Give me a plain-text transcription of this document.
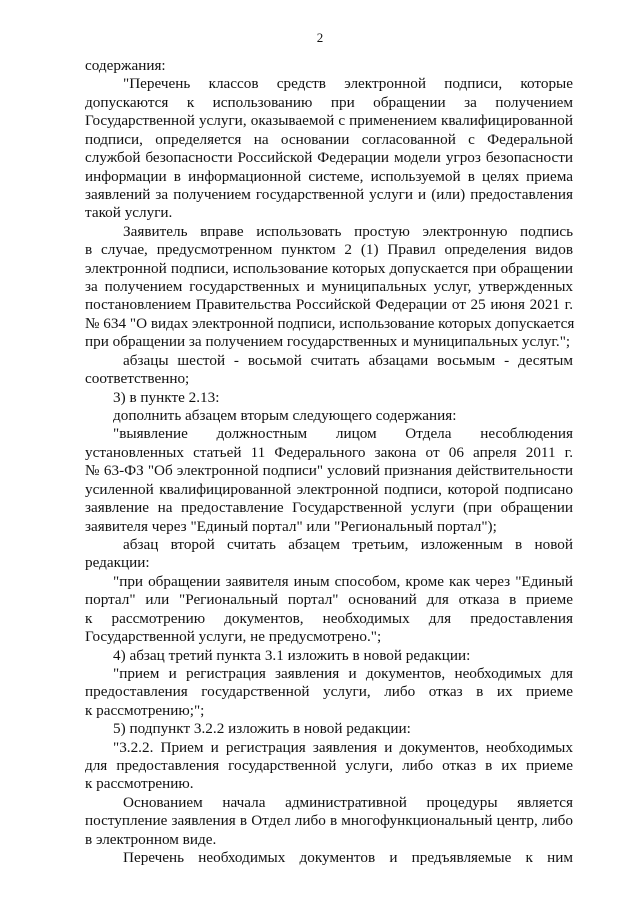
2
содержания:
"Перечень классов средств электронной подписи, которые
допускаются к использованию при обращении за получением
Государственной услуги, оказываемой с применением квалифицированной
подписи, определяется на основании согласованной с Федеральной
службой безопасности Российской Федерации модели угроз безопасности
информации в информационной системе, используемой в целях приема
заявлений за получением государственной услуги и (или) предоставления
такой услуги.
Заявитель вправе использовать простую электронную подпись
в случае, предусмотренном пунктом 2 (1) Правил определения видов
электронной подписи, использование которых допускается при обращении
за получением государственных и муниципальных услуг, утвержденных
постановлением Правительства Российской Федерации от 25 июня 2021 г.
№ 634 "О видах электронной подписи, использование которых допускается
при обращении за получением государственных и муниципальных услуг.";
абзацы шестой - восьмой считать абзацами восьмым - десятым
соответственно;
3) в пункте 2.13:
дополнить абзацем вторым следующего содержания:
"выявление должностным лицом Отдела несоблюдения
установленных статьей 11 Федерального закона от 06 апреля 2011 г.
№ 63-ФЗ "Об электронной подписи" условий признания действительности
усиленной квалифицированной электронной подписи, которой подписано
заявление на предоставление Государственной услуги (при обращении
заявителя через "Единый портал" или "Региональный портал");
абзац второй считать абзацем третьим, изложенным в новой
редакции:
"при обращении заявителя иным способом, кроме как через "Единый
портал" или "Региональный портал" оснований для отказа в приеме
к рассмотрению документов, необходимых для предоставления
Государственной услуги, не предусмотрено.";
4) абзац третий пункта 3.1 изложить в новой редакции:
"прием и регистрация заявления и документов, необходимых для
предоставления государственной услуги, либо отказ в их приеме
к рассмотрению;";
5) подпункт 3.2.2 изложить в новой редакции:
"3.2.2. Прием и регистрация заявления и документов, необходимых
для предоставления государственной услуги, либо отказ в их приеме
к рассмотрению.
Основанием начала административной процедуры является
поступление заявления в Отдел либо в многофункциональный центр, либо
в электронном виде.
Перечень необходимых документов и предъявляемые к ним
